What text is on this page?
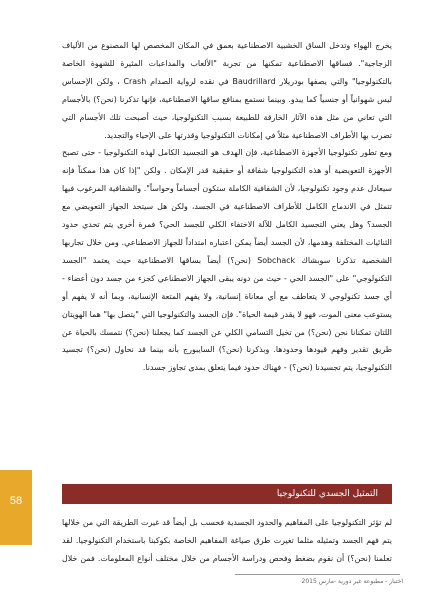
يخرج الهواء وتدخل الساق الخشبية الاصطناعية بعمق في المكان المخصص لها المصنوع من الألياف الزجاجية". فساقها الاصطناعية تمكنها من تجربة "الألعاب والمداعبات المثيرة للشهوة الخاصة بالتكنولوجيا" والتي يصفها بودريلار Baudrillard في نقده لرواية الصدام Crash ، ولكن الإحساس ليس شهوانياً أو جنسياً كما يبدو. وبينما نستمع بمنافع ساقها الاصطناعية، فإنها تذكرنا (نحن؟) بالأجسام التي تعاني من مثل هذه الآثار الخارقة للطبيعة بسبب التكنولوجيا، حيث أصبحت تلك الأجسام التي تضرب بها الأطراف الاصطناعية مثلاً في إمكانات التكنولوجيا وقدرتها على الإحياء والتجديد.

ومع تطور تكنولوجيا الأجهزة الاصطناعية، فإن الهدف هو التجسيد الكامل لهذه التكنولوجيا - حتى تصبح الأجهزة التعويضية أو هذه التكنولوجيا شفافة أو حقيقية قدر الإمكان . ولكن "إذا كان هذا ممكناً فإنه سيعادل عدم وجود تكنولوجيا، لأن الشفافية الكاملة ستكون أجساماً وحواساً". والشفافية المرغوب فيها تتمثل في الاندماج الكامل للأطراف الاصطناعية في الجسد، ولكن هل سيتحد الجهاز التعويضي مع الجسد؟ وهل يعني التجسيد الكامل للآلة الاختفاء الكلي للجسد الحي؟ فمرة أخرى يتم تحدي حدود الثنائيات المختلفة وهدمها، لأن الجسد أيضاً يمكن اعتباره امتداداً للجهاز الاصطناعي. ومن خلال تجاربها الشخصية تذكرنا سوبشاك Sobchack (نحن؟) أيضاً بساقها الاصطناعية حيث يعتمد "الجسد التكنولوجي" على "الجسد الحي - حيث من دونه يبقى الجهاز الاصطناعي كجزء من جسد دون أعضاء - أي جسد تكنولوجي لا يتعاطف مع أي معاناة إنسانية، ولا يفهم المتعة الإنسانية، وبما أنه لا يفهم أو يستوعب معنى الموت، فهو لا يقدر قيمة الحياة". فإن الجسد والتكنولوجيا التي "يتصل بها" هما الهويتان اللتان تمكنانا نحن (نحن؟) من تخيل التسامي الكلي عن الجسد كما يجعلنا (نحن؟) نتمسك بالحياة عن طريق تقدير وفهم قيودها وحدودها. وبذكرنا (نحن؟) السايبورج بأنه بينما قد نحاول (نحن؟) تجسيد التكنولوجيا، يتم تجسيدنا (نحن؟) - فهناك حدود فيما يتعلق بمدى تجاوز جسدنا.

التمثيل الجسدي للتكنولوجيا

لم تؤثر التكنولوجيا على المفاهيم والحدود الجسدية فحسب بل أيضاً قد غيرت الطريقة التي من خلالها يتم فهم الجسد وتمثيله مثلما تغيرت طرق صياغة المفاهيم الخاصة بكوكبنا باستخدام التكنولوجيا. لقد تعلمنا (نحن؟) أن نقوم بضغط وفحص ودراسة الأجسام من خلال مختلف أنواع المعلومات. فمن خلال

58
اختبار - مطبوعة غير دورية -مارس 2015
